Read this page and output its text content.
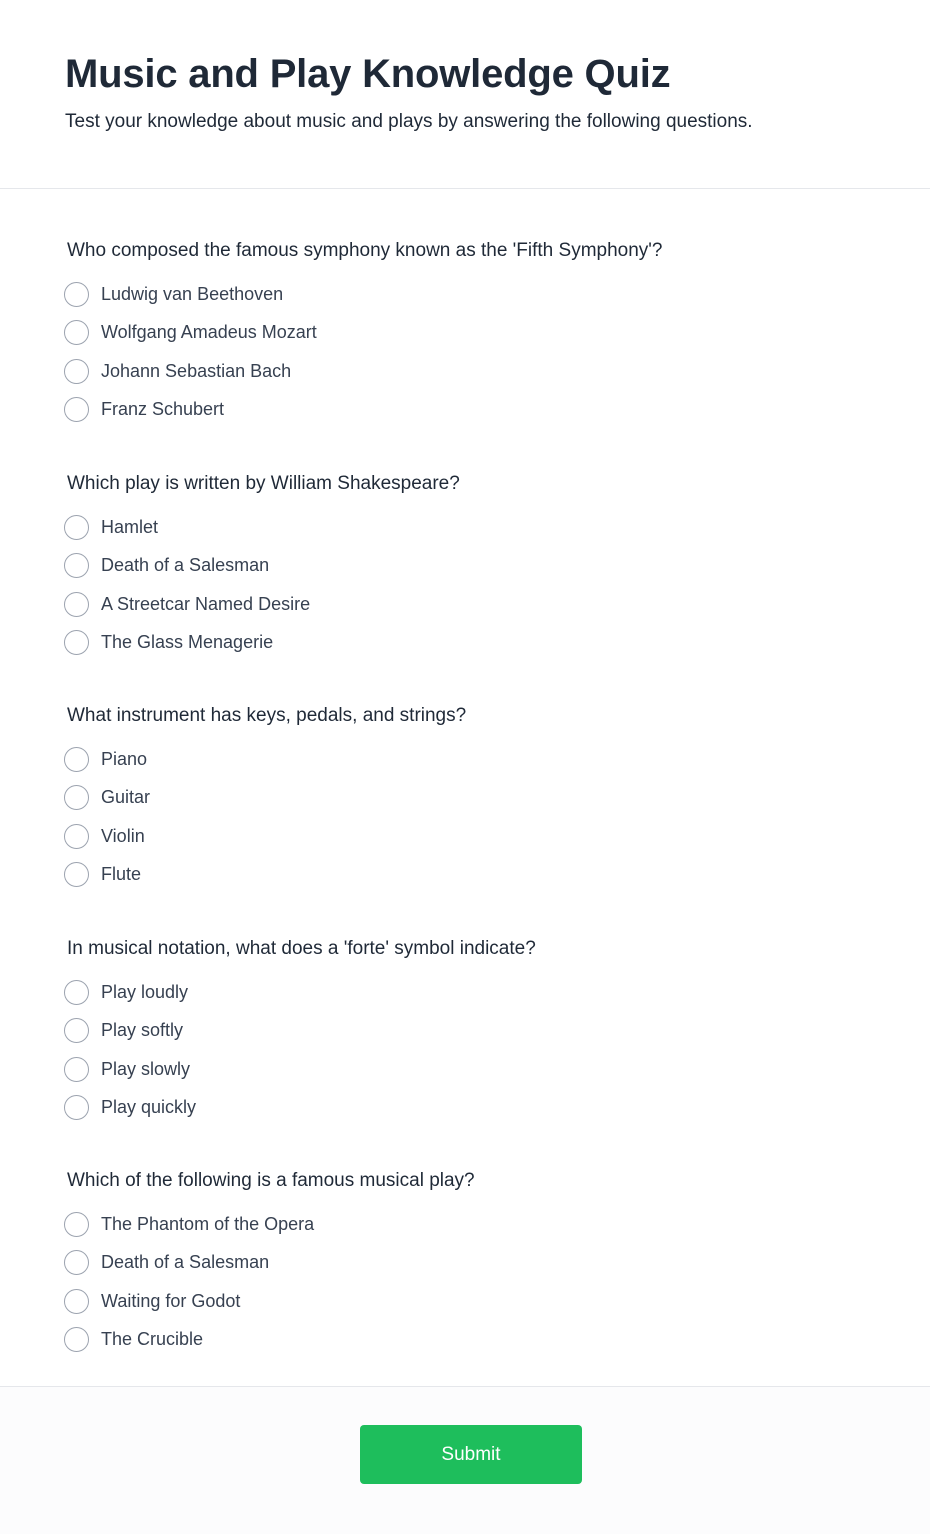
Music and Play Knowledge Quiz

Test your knowledge about music and plays by answering the following questions.

Who composed the famous symphony known as the 'Fifth Symphony'?
Ludwig van Beethoven
Wolfgang Amadeus Mozart
Johann Sebastian Bach
Franz Schubert
Which play is written by William Shakespeare?
Hamlet
Death of a Salesman
A Streetcar Named Desire
The Glass Menagerie
What instrument has keys, pedals, and strings?
Piano
Guitar
Violin
Flute
In musical notation, what does a 'forte' symbol indicate?
Play loudly
Play softly
Play slowly
Play quickly
Which of the following is a famous musical play?
The Phantom of the Opera
Death of a Salesman
Waiting for Godot
The Crucible
Submit
